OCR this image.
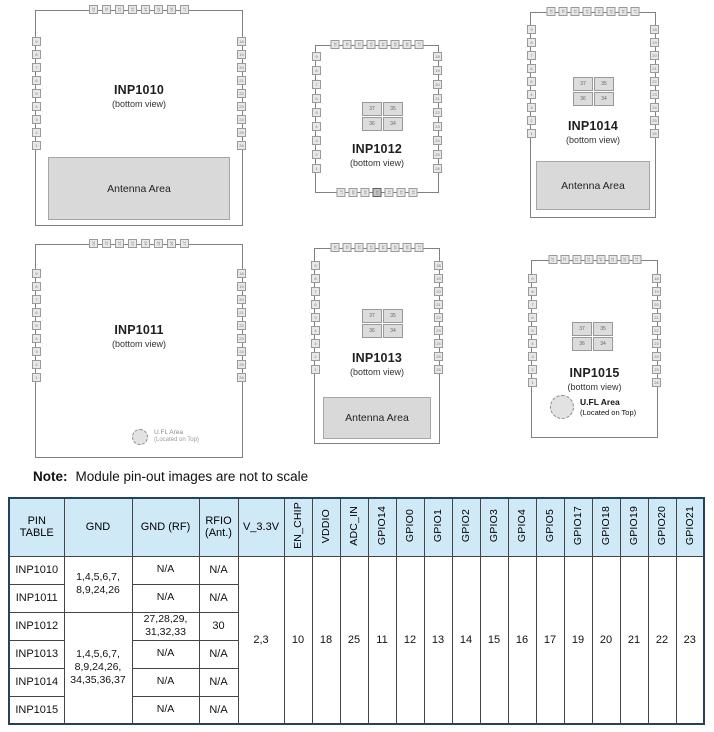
10 11 12 13 14 15 16 17
9
8
7
6
5
4
3
2
1
18
19
20
21
22
23
24
25
26
INP1010
(bottom view)
Antenna Area
10 11 12 13 14 15 16 17
9
8
7
6
5
4
3
2
1
18
19
20
21
22
23
24
25
26
27 28 29 30 31 32 33
37	35
36	34
INP1012
(bottom view)
10 11 12 13 14 15 16 17
9
8
7
6
5
4
3
2
1
18
19
20
21
22
23
24
25
26
37	35
36	34
INP1014
(bottom view)
Antenna Area
10 11 12 13 14 15 16 17
9
8
7
6
5
4
3
2
1
18
19
20
21
22
23
24
25
26
INP1011
(bottom view)
U.FL Area
(Located on Top)
10 11 12 13 14 15 16 17
9
8
7
6
5
4
3
2
1
18
19
20
21
22
23
24
25
26
37	35
36	34
INP1013
(bottom view)
Antenna Area
10 11 12 13 14 15 16 17
9
8
7
6
5
4
3
2
1
18
19
20
21
22
23
24
25
26
37	35
36	34
INP1015
(bottom view)
U.FL Area
(Located on Top)
Note: Module pin-out images are not to scale
PIN TABLE	GND	GND (RF)	RFIO (Ant.)	V_3.3V	EN_CHIP	VDDIO	ADC_IN	GPIO14	GPIO0	GPIO1	GPIO2	GPIO3	GPIO4	GPIO5	GPIO17	GPIO18	GPIO19	GPIO20	GPIO21
INP1010	1,4,5,6,7,
8,9,24,26	N/A	N/A	2,3	10	18	25	11	12	13	14	15	16	17	19	20	21	22	23
INP1011		N/A	N/A																
INP1012	1,4,5,6,7,
8,9,24,26,
34,35,36,37	27,28,29,
31,32,33	30																
INP1013		N/A	N/A																
INP1014		N/A	N/A																
INP1015		N/A	N/A																
